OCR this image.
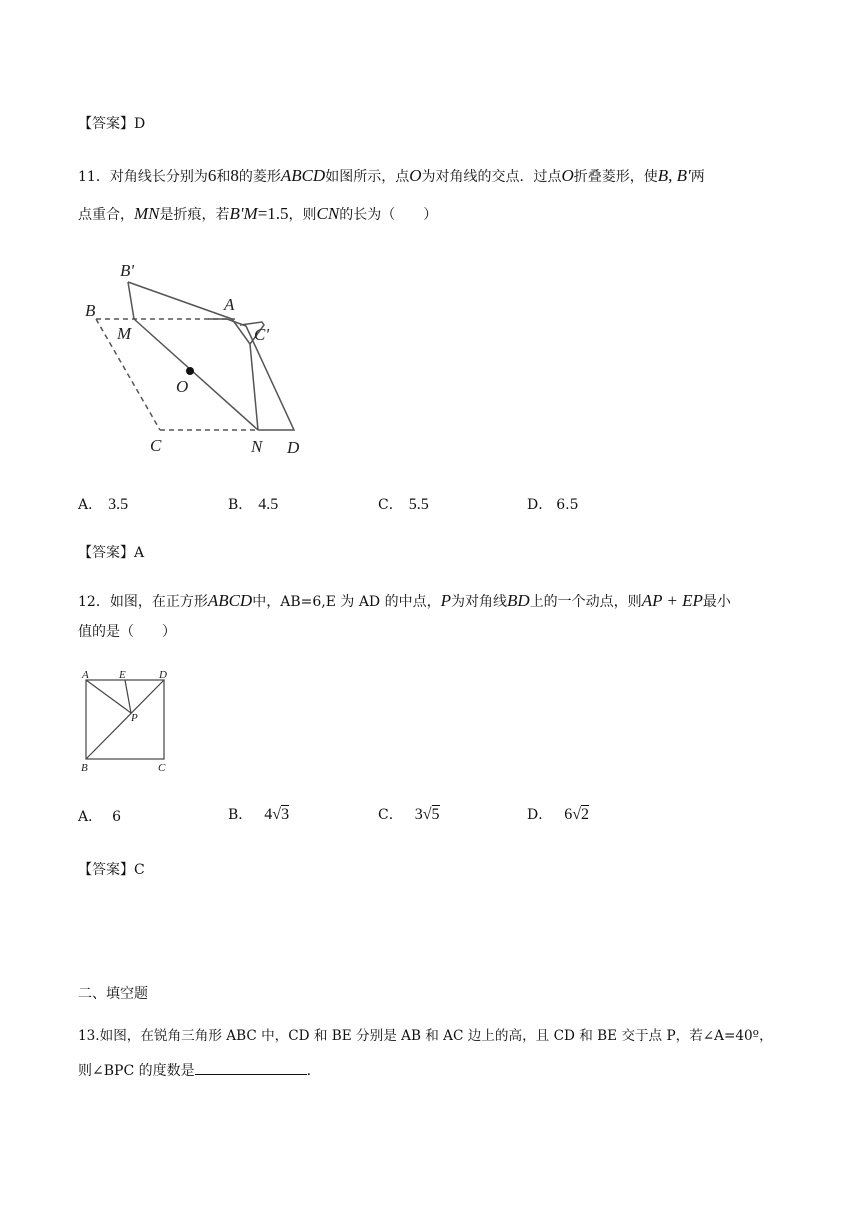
【答案】D
11．对角线长分别为6和8的菱形ABCD如图所示，点O为对角线的交点．过点O折叠菱形，使B, B'两
点重合，MN是折痕，若B'M=1.5，则CN的长为（　　）
B'
B	A
M	C'
O
C	N D
A． 3.5	B． 4.5	C． 5.5	D． 6.5
【答案】A
12．如图，在正方形ABCD中，AB=6,E 为 AD 的中点，P为对角线BD上的一个动点，则AP + EP最小
值的是（　　）
A	E	D
P
B	C
A． 6	B． 4√3	C． 3√5	D． 6√2
【答案】C
二、填空题
13.如图，在锐角三角形 ABC 中，CD 和 BE 分别是 AB 和 AC 边上的高，且 CD 和 BE 交于点 P，若∠A=40º，
则∠BPC 的度数是	.
